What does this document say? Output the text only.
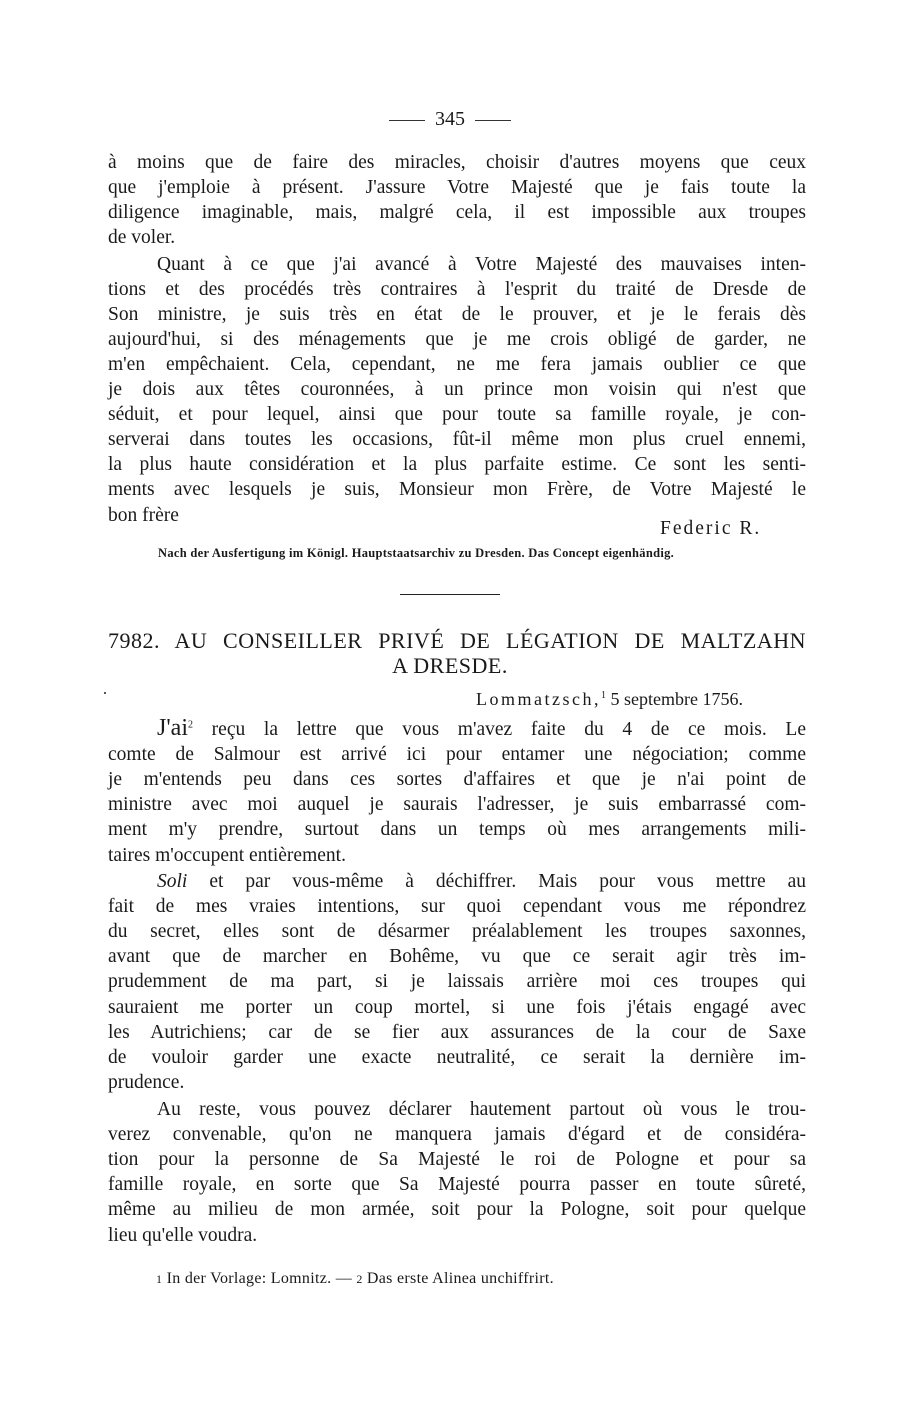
345
à moins que de faire des miracles, choisir d'autres moyens que ceux
que j'emploie à présent. J'assure Votre Majesté que je fais toute la
diligence imaginable, mais, malgré cela, il est impossible aux troupes
de voler.
Quant à ce que j'ai avancé à Votre Majesté des mauvaises inten-
tions et des procédés très contraires à l'esprit du traité de Dresde de
Son ministre, je suis très en état de le prouver, et je le ferais dès
aujourd'hui, si des ménagements que je me crois obligé de garder, ne
m'en empêchaient. Cela, cependant, ne me fera jamais oublier ce que
je dois aux têtes couronnées, à un prince mon voisin qui n'est que
séduit, et pour lequel, ainsi que pour toute sa famille royale, je con-
serverai dans toutes les occasions, fût-il même mon plus cruel ennemi,
la plus haute considération et la plus parfaite estime. Ce sont les senti-
ments avec lesquels je suis, Monsieur mon Frère, de Votre Majesté le
bon frère
Federic R.
Nach der Ausfertigung im Königl. Hauptstaatsarchiv zu Dresden. Das Concept eigenhändig.
7982. AU CONSEILLER PRIVÉ DE LÉGATION DE MALTZAHN
A DRESDE.
Lommatzsch,$^1$ 5 septembre 1756.
$J'ai^2$ reçu la lettre que vous m'avez faite du 4 de ce mois. Le
comte de Salmour est arrivé ici pour entamer une négociation; comme
je m'entends peu dans ces sortes d'affaires et que je n'ai point de
ministre avec moi auquel je saurais l'adresser, je suis embarrassé com-
ment m'y prendre, surtout dans un temps où mes arrangements mili-
taires m'occupent entièrement.
Soli et par vous-même à déchiffrer. Mais pour vous mettre au
fait de mes vraies intentions, sur quoi cependant vous me répondrez
du secret, elles sont de désarmer préalablement les troupes saxonnes,
avant que de marcher en Bohême, vu que ce serait agir très im-
prudemment de ma part, si je laissais arrière moi ces troupes qui
sauraient me porter un coup mortel, si une fois j'étais engagé avec
les Autrichiens; car de se fier aux assurances de la cour de Saxe
de vouloir garder une exacte neutralité, ce serait la dernière im-
prudence.
Au reste, vous pouvez déclarer hautement partout où vous le trou-
verez convenable, qu'on ne manquera jamais d'égard et de considéra-
tion pour la personne de Sa Majesté le roi de Pologne et pour sa
famille royale, en sorte que Sa Majesté pourra passer en toute sûreté,
même au milieu de mon armée, soit pour la Pologne, soit pour quelque
lieu qu'elle voudra.
1 In der Vorlage: Lomnitz. — 2 Das erste Alinea unchiffrirt.
